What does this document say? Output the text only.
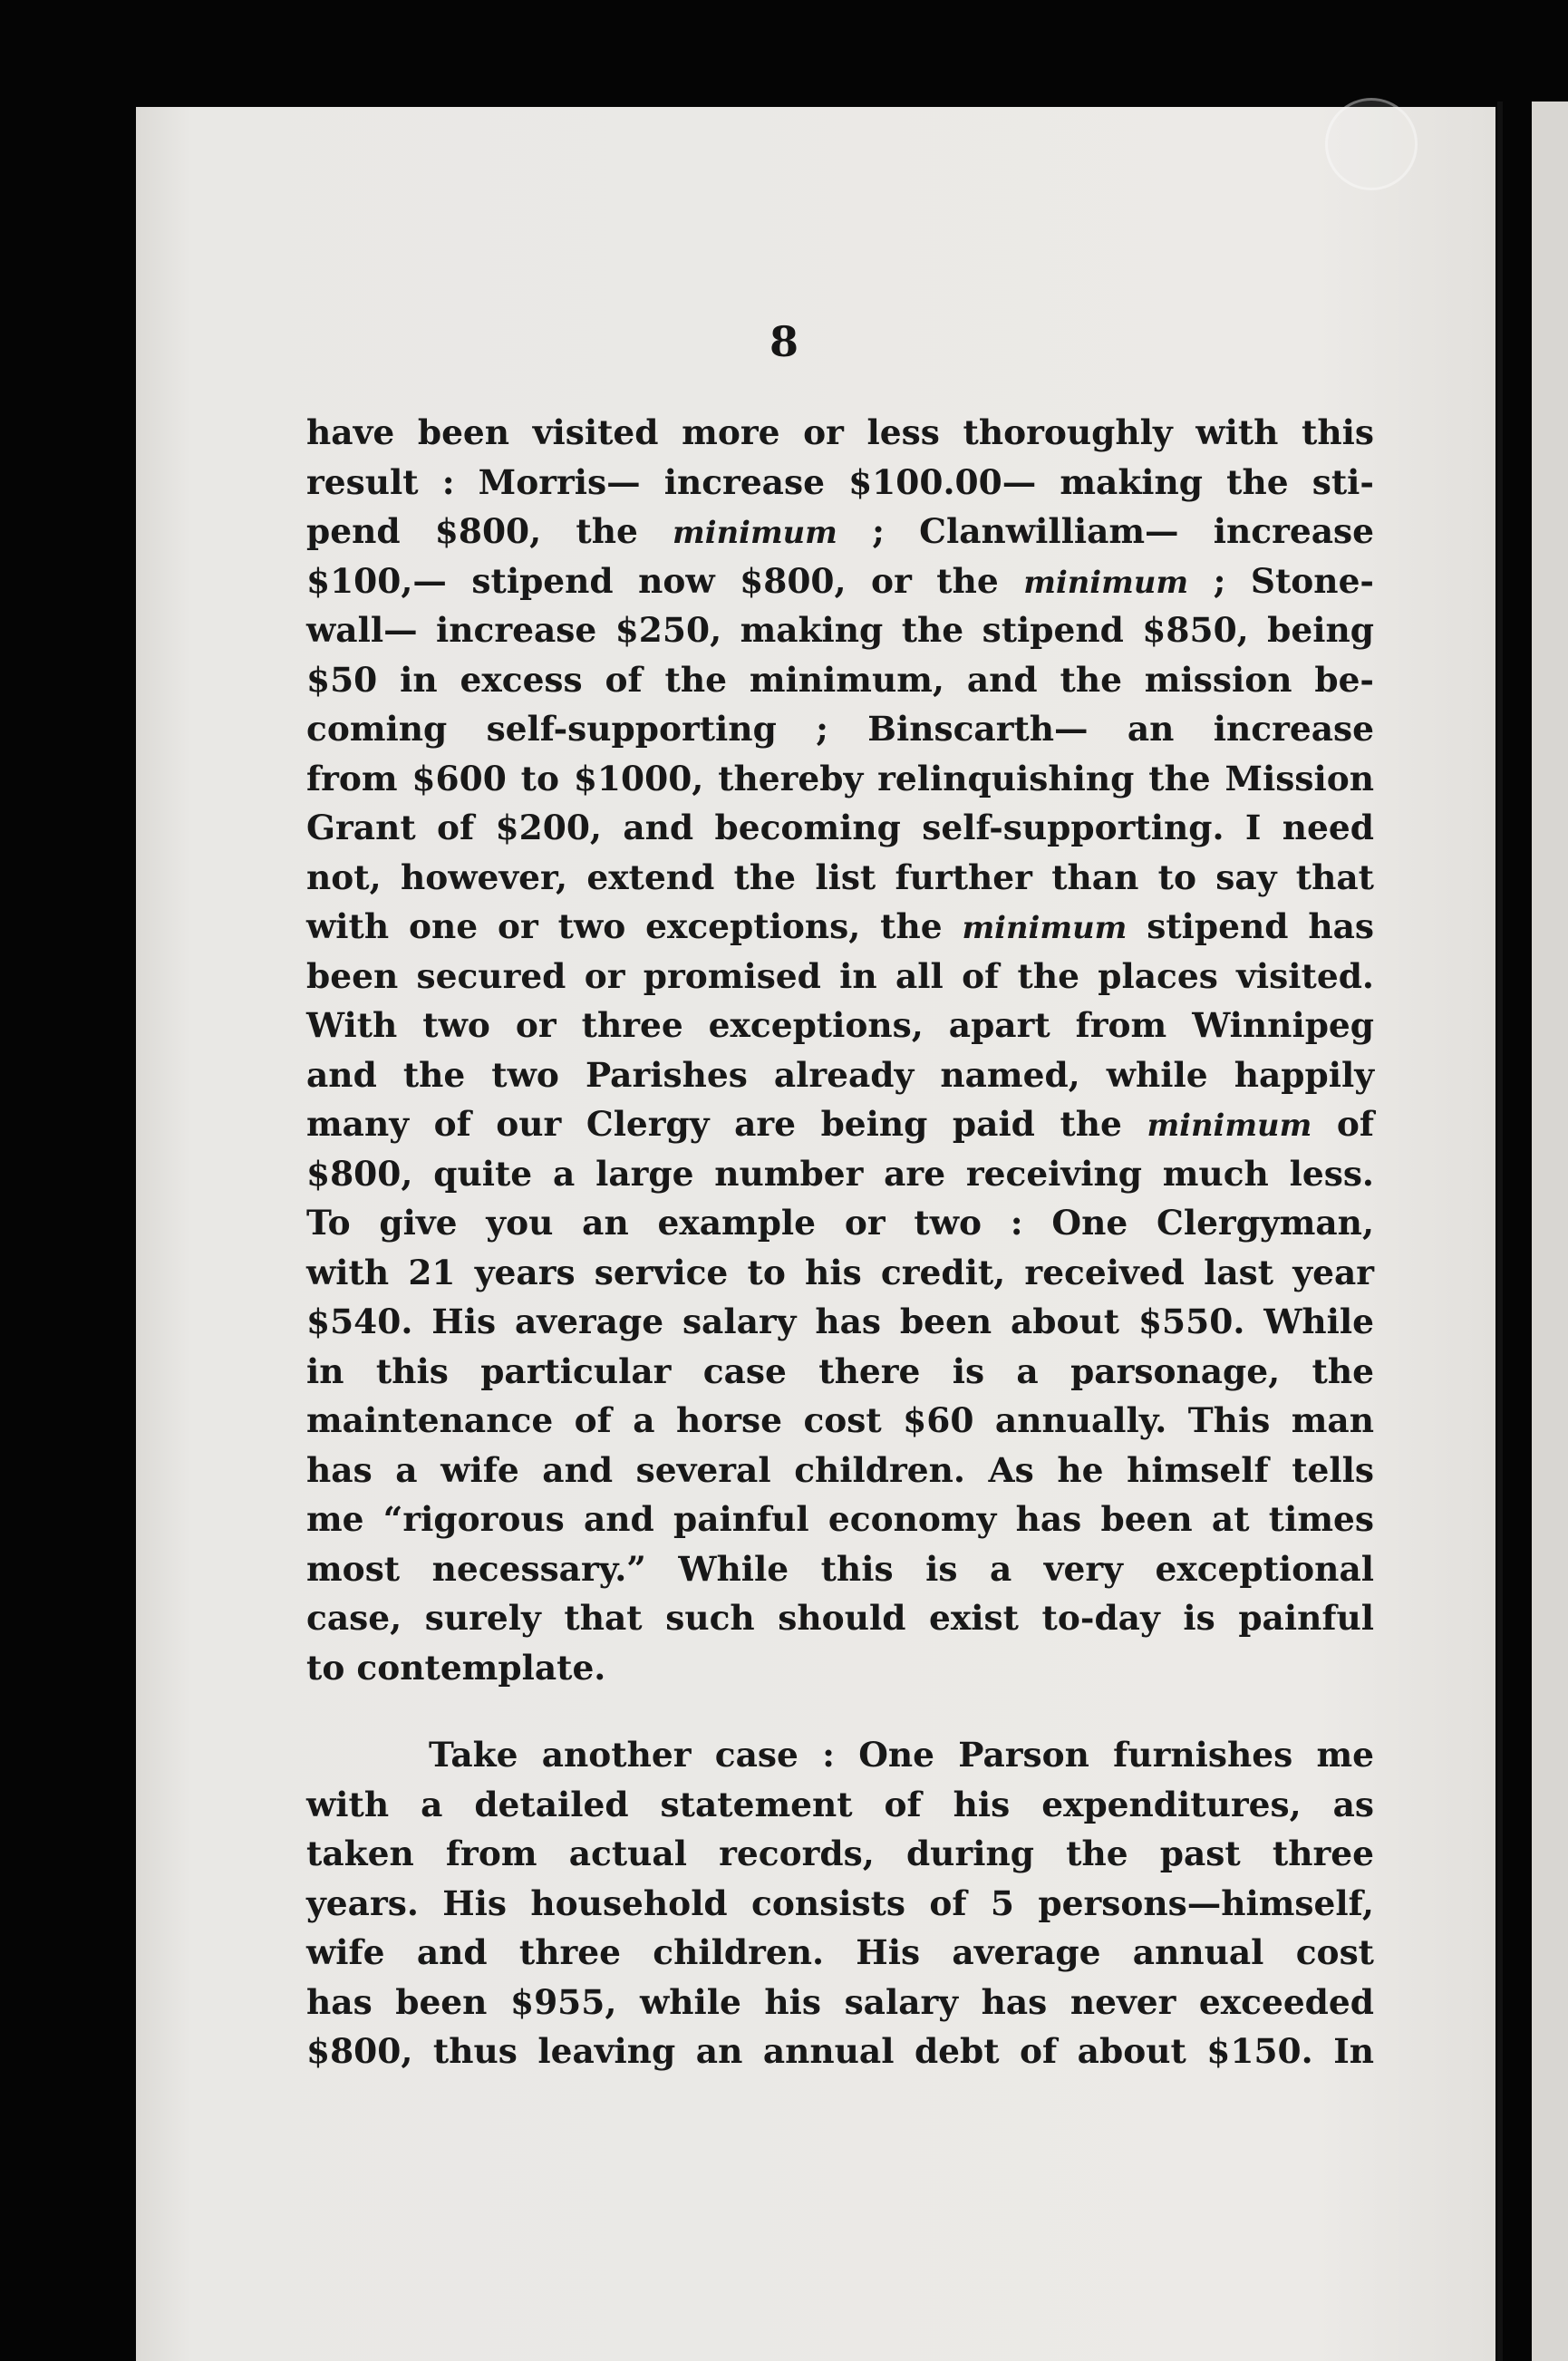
8
have been visited more or less thoroughly with this
result : Morris— increase $100.00— making the sti-
pend $800, the minimum ; Clanwilliam— increase
$100,— stipend now $800, or the minimum ; Stone-
wall— increase $250, making the stipend $850, being
$50 in excess of the minimum, and the mission be-
coming self-supporting ; Binscarth— an increase
from $600 to $1000, thereby relinquishing the Mission
Grant of $200, and becoming self-supporting. I need
not, however, extend the list further than to say that
with one or two exceptions, the minimum stipend has
been secured or promised in all of the places visited.
With two or three exceptions, apart from Winnipeg
and the two Parishes already named, while happily
many of our Clergy are being paid the minimum of
$800, quite a large number are receiving much less.
To give you an example or two : One Clergyman,
with 21 years service to his credit, received last year
$540. His average salary has been about $550. While
in this particular case there is a parsonage, the
maintenance of a horse cost $60 annually. This man
has a wife and several children. As he himself tells
me “rigorous and painful economy has been at times
most necessary.” While this is a very exceptional
case, surely that such should exist to-day is painful
to contemplate.
Take another case : One Parson furnishes me
with a detailed statement of his expenditures, as
taken from actual records, during the past three
years. His household consists of 5 persons—himself,
wife and three children. His average annual cost
has been $955, while his salary has never exceeded
$800, thus leaving an annual debt of about $150. In
